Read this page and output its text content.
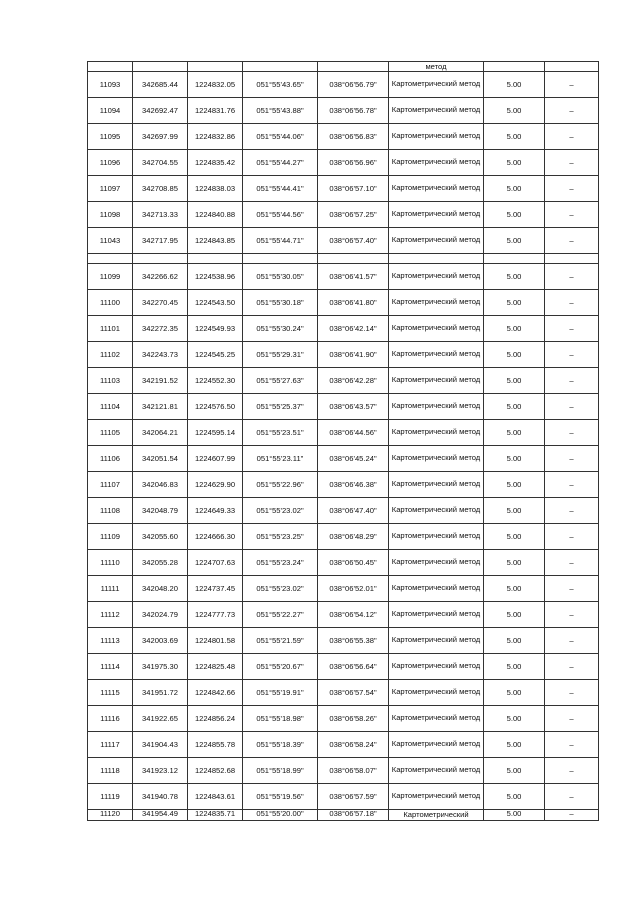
					метод		
11093	342685.44	1224832.05	051°55'43.65"	038°06'56.79"	Картометрический метод	5.00	–
11094	342692.47	1224831.76	051°55'43.88"	038°06'56.78"	Картометрический метод	5.00	–
11095	342697.99	1224832.86	051°55'44.06"	038°06'56.83"	Картометрический метод	5.00	–
11096	342704.55	1224835.42	051°55'44.27"	038°06'56.96"	Картометрический метод	5.00	–
11097	342708.85	1224838.03	051°55'44.41"	038°06'57.10"	Картометрический метод	5.00	–
11098	342713.33	1224840.88	051°55'44.56"	038°06'57.25"	Картометрический метод	5.00	–
11043	342717.95	1224843.85	051°55'44.71"	038°06'57.40"	Картометрический метод	5.00	–

11099	342266.62	1224538.96	051°55'30.05"	038°06'41.57"	Картометрический метод	5.00	–
11100	342270.45	1224543.50	051°55'30.18"	038°06'41.80"	Картометрический метод	5.00	–
11101	342272.35	1224549.93	051°55'30.24"	038°06'42.14"	Картометрический метод	5.00	–
11102	342243.73	1224545.25	051°55'29.31"	038°06'41.90"	Картометрический метод	5.00	–
11103	342191.52	1224552.30	051°55'27.63"	038°06'42.28"	Картометрический метод	5.00	–
11104	342121.81	1224576.50	051°55'25.37"	038°06'43.57"	Картометрический метод	5.00	–
11105	342064.21	1224595.14	051°55'23.51"	038°06'44.56"	Картометрический метод	5.00	–
11106	342051.54	1224607.99	051°55'23.11"	038°06'45.24"	Картометрический метод	5.00	–
11107	342046.83	1224629.90	051°55'22.96"	038°06'46.38"	Картометрический метод	5.00	–
11108	342048.79	1224649.33	051°55'23.02"	038°06'47.40"	Картометрический метод	5.00	–
11109	342055.60	1224666.30	051°55'23.25"	038°06'48.29"	Картометрический метод	5.00	–
11110	342055.28	1224707.63	051°55'23.24"	038°06'50.45"	Картометрический метод	5.00	–
11111	342048.20	1224737.45	051°55'23.02"	038°06'52.01"	Картометрический метод	5.00	–
11112	342024.79	1224777.73	051°55'22.27"	038°06'54.12"	Картометрический метод	5.00	–
11113	342003.69	1224801.58	051°55'21.59"	038°06'55.38"	Картометрический метод	5.00	–
11114	341975.30	1224825.48	051°55'20.67"	038°06'56.64"	Картометрический метод	5.00	–
11115	341951.72	1224842.66	051°55'19.91"	038°06'57.54"	Картометрический метод	5.00	–
11116	341922.65	1224856.24	051°55'18.98"	038°06'58.26"	Картометрический метод	5.00	–
11117	341904.43	1224855.78	051°55'18.39"	038°06'58.24"	Картометрический метод	5.00	–
11118	341923.12	1224852.68	051°55'18.99"	038°06'58.07"	Картометрический метод	5.00	–
11119	341940.78	1224843.61	051°55'19.56"	038°06'57.59"	Картометрический метод	5.00	–
11120	341954.49	1224835.71	051°55'20.00"	038°06'57.18"	Картометрический	5.00	–
